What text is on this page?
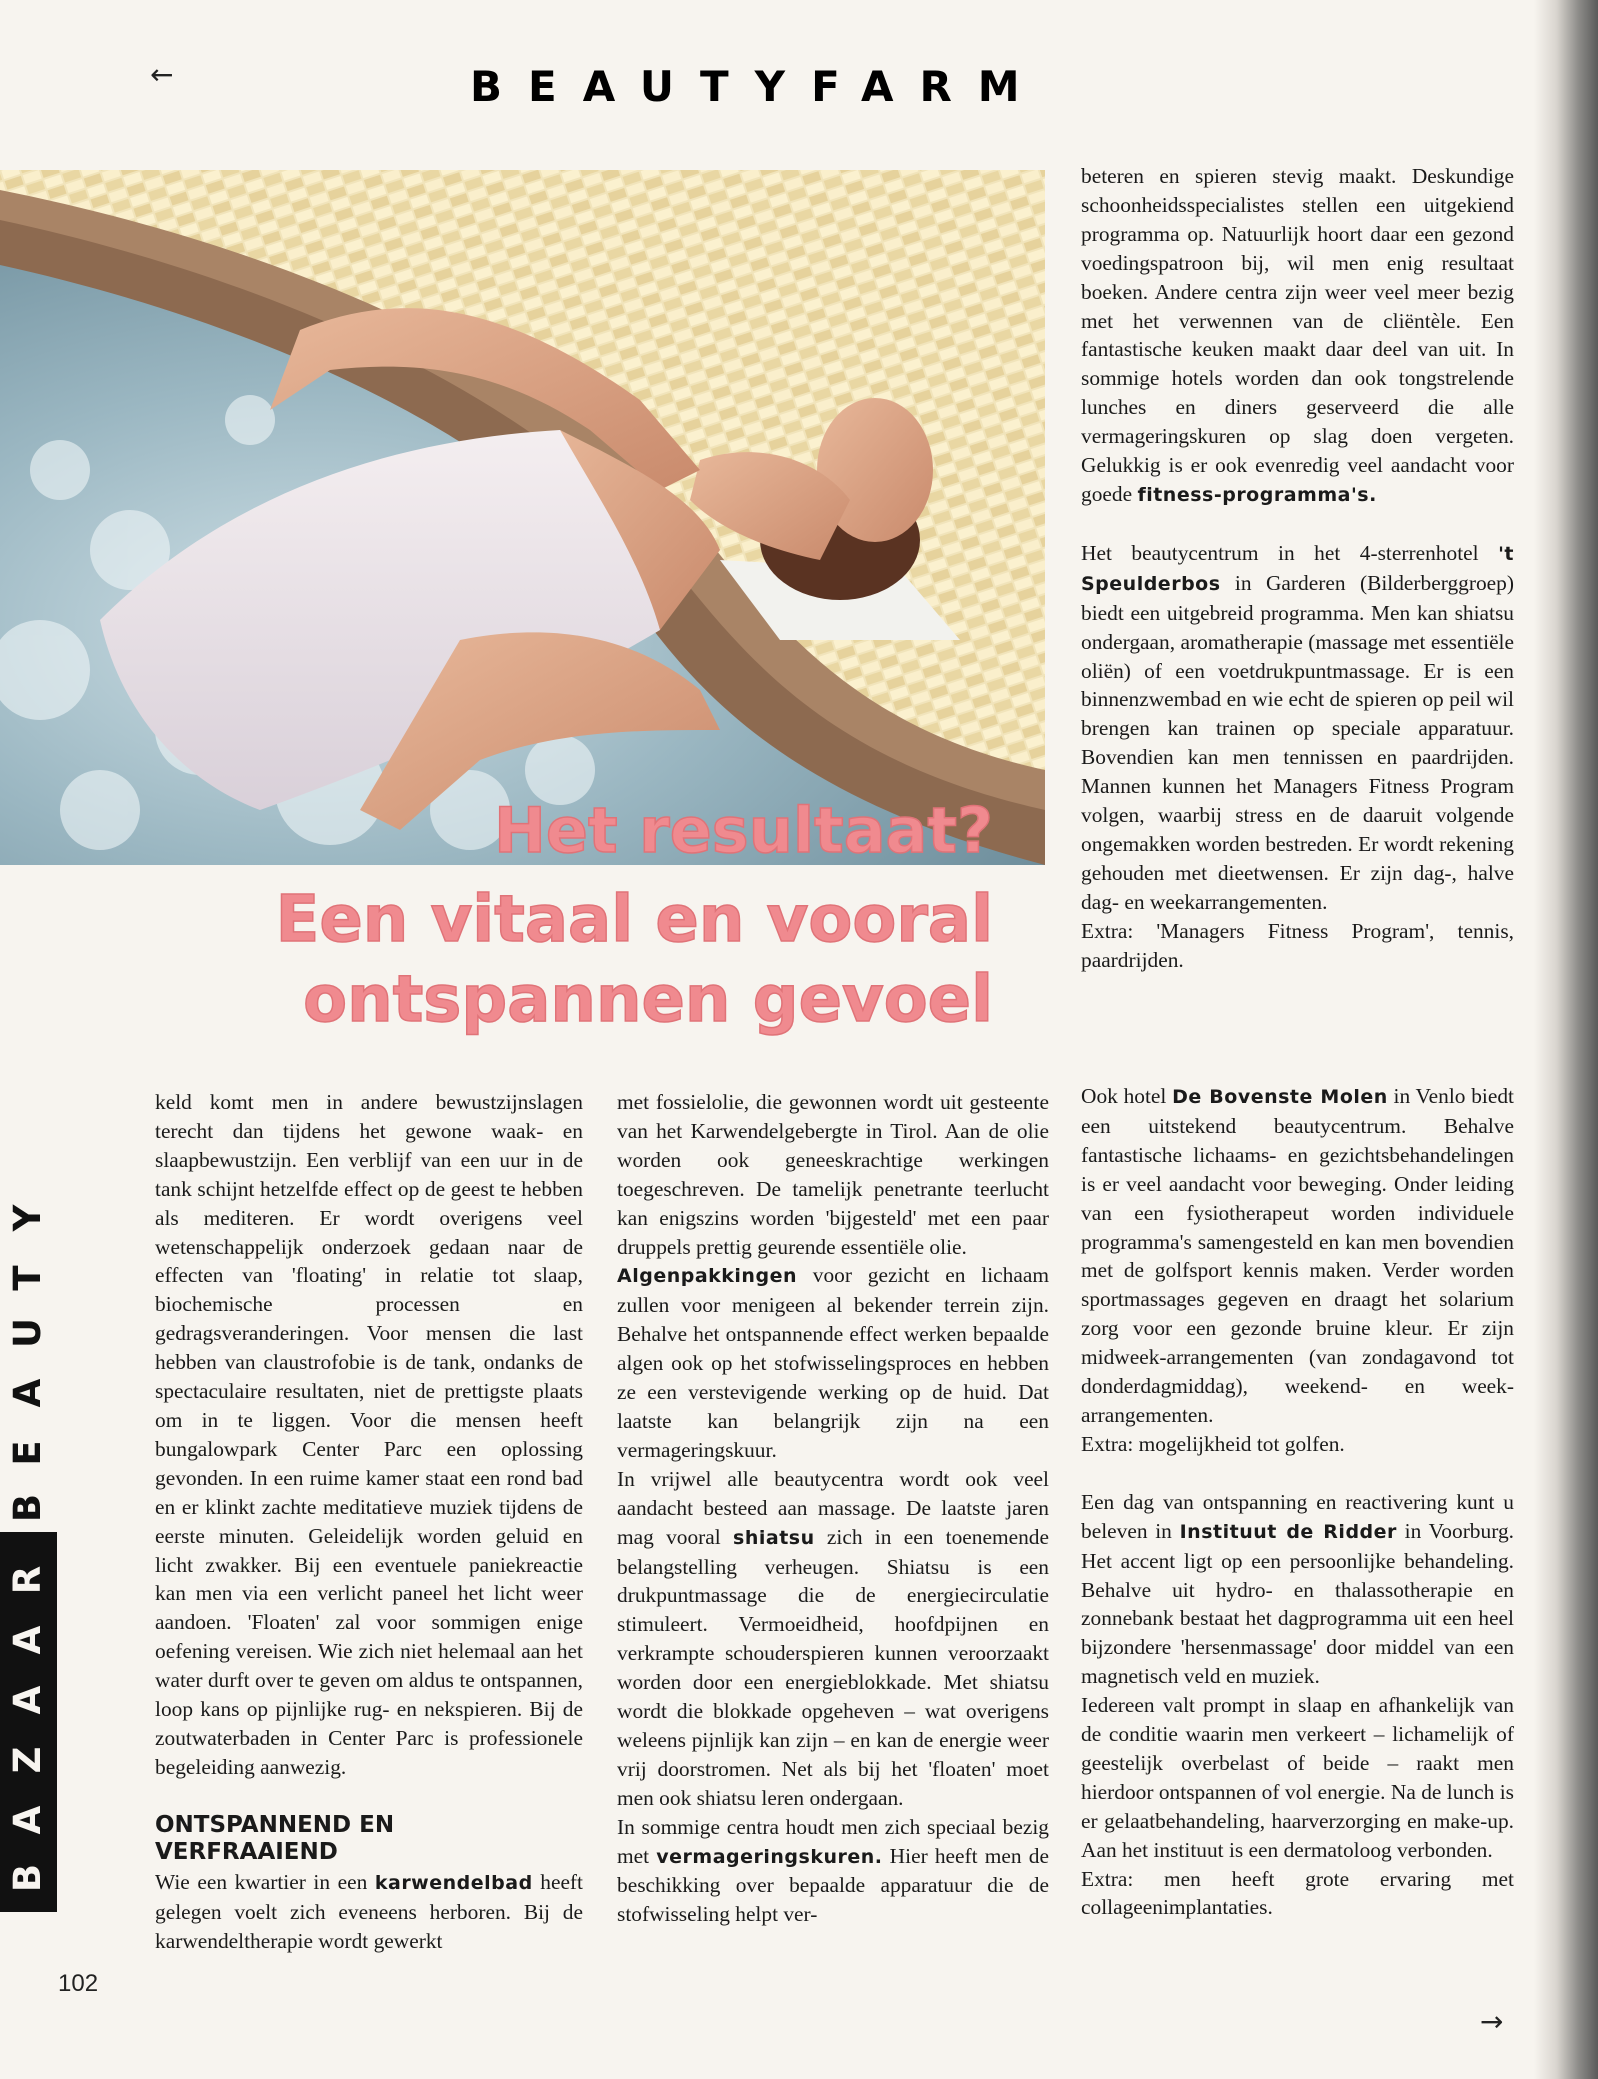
←	BEAUTYFARM
Het resultaat?
Een vitaal en vooral
ontspannen gevoel

keld komt men in andere bewustzijnslagen terecht dan tijdens het gewone waak- en slaapbewustzijn. Een verblijf van een uur in de tank schijnt hetzelfde effect op de geest te hebben als mediteren. Er wordt overigens veel wetenschappelijk onderzoek gedaan naar de effecten van 'floating' in relatie tot slaap, biochemische processen en gedragsveranderingen. Voor mensen die last hebben van claustrofobie is de tank, ondanks de spectaculaire resultaten, niet de prettigste plaats om in te liggen. Voor die mensen heeft bungalowpark Center Parc een oplossing gevonden. In een ruime kamer staat een rond bad en er klinkt zachte meditatieve muziek tijdens de eerste minuten. Geleidelijk worden geluid en licht zwakker. Bij een eventuele paniekreactie kan men via een verlicht paneel het licht weer aandoen. 'Floaten' zal voor sommigen enige oefening vereisen. Wie zich niet helemaal aan het water durft over te geven om aldus te ontspannen, loop kans op pijnlijke rug- en nekspieren. Bij de zoutwaterbaden in Center Parc is professionele begeleiding aanwezig.

ONTSPANNEND EN VERFRAAIEND

Wie een kwartier in een karwendelbad heeft gelegen voelt zich eveneens herboren. Bij de karwendeltherapie wordt gewerkt

met fossielolie, die gewonnen wordt uit gesteente van het Karwendelgebergte in Tirol. Aan de olie worden ook geneeskrachtige werkingen toegeschreven. De tamelijk penetrante teerlucht kan enigszins worden 'bijgesteld' met een paar druppels prettig geurende essentiële olie.

Algenpakkingen voor gezicht en lichaam zullen voor menigeen al bekender terrein zijn. Behalve het ontspannende effect werken bepaalde algen ook op het stofwisselingsproces en hebben ze een verstevigende werking op de huid. Dat laatste kan belangrijk zijn na een vermageringskuur.

In vrijwel alle beautycentra wordt ook veel aandacht besteed aan massage. De laatste jaren mag vooral shiatsu zich in een toenemende belangstelling verheugen. Shiatsu is een drukpuntmassage die de energiecirculatie stimuleert. Vermoeidheid, hoofdpijnen en verkrampte schouderspieren kunnen veroorzaakt worden door een energieblokkade. Met shiatsu wordt die blokkade opgeheven – wat overigens weleens pijnlijk kan zijn – en kan de energie weer vrij doorstromen. Net als bij het 'floaten' moet men ook shiatsu leren ondergaan.

In sommige centra houdt men zich speciaal bezig met vermageringskuren. Hier heeft men de beschikking over bepaalde apparatuur die de stofwisseling helpt ver-

beteren en spieren stevig maakt. Deskundige schoonheidsspecialistes stellen een uitgekiend programma op. Natuurlijk hoort daar een gezond voedingspatroon bij, wil men enig resultaat boeken. Andere centra zijn weer veel meer bezig met het verwennen van de cliëntèle. Een fantastische keuken maakt daar deel van uit. In sommige hotels worden dan ook tongstrelende lunches en diners geserveerd die alle vermageringskuren op slag doen vergeten. Gelukkig is er ook evenredig veel aandacht voor goede fitness-programma's.

Het beautycentrum in het 4-sterrenhotel 't Speulderbos in Garderen (Bilderberggroep) biedt een uitgebreid programma. Men kan shiatsu ondergaan, aromatherapie (massage met essentiële oliën) of een voetdrukpuntmassage. Er is een binnenzwembad en wie echt de spieren op peil wil brengen kan trainen op speciale apparatuur. Bovendien kan men tennissen en paardrijden. Mannen kunnen het Managers Fitness Program volgen, waarbij stress en de daaruit volgende ongemakken worden bestreden. Er wordt rekening gehouden met dieetwensen. Er zijn dag-, halve dag- en weekarrangementen.

Extra: 'Managers Fitness Program', tennis, paardrijden.

Ook hotel De Bovenste Molen in Venlo biedt een uitstekend beautycentrum. Behalve fantastische lichaams- en gezichtsbehandelingen is er veel aandacht voor beweging. Onder leiding van een fysiotherapeut worden individuele programma's samengesteld en kan men bovendien met de golfsport kennis maken. Verder worden sportmassages gegeven en draagt het solarium zorg voor een gezonde bruine kleur. Er zijn midweek-arrangementen (van zondagavond tot donderdagmiddag), weekend- en week-arrangementen.

Extra: mogelijkheid tot golfen.

Een dag van ontspanning en reactivering kunt u beleven in Instituut de Ridder in Voorburg. Het accent ligt op een persoonlijke behandeling. Behalve uit hydro- en thalassotherapie en zonnebank bestaat het dagprogramma uit een heel bijzondere 'hersenmassage' door middel van een magnetisch veld en muziek.

Iedereen valt prompt in slaap en afhankelijk van de conditie waarin men verkeert – lichamelijk of geestelijk overbelast of beide – raakt men hierdoor ontspannen of vol energie. Na de lunch is er gelaatbehandeling, haarverzorging en make-up. Aan het instituut is een dermatoloog verbonden.

Extra: men heeft grote ervaring met collageenimplantaties.

Y
T
U
A
E
B
R
A
A
Z
A
B
102
→
